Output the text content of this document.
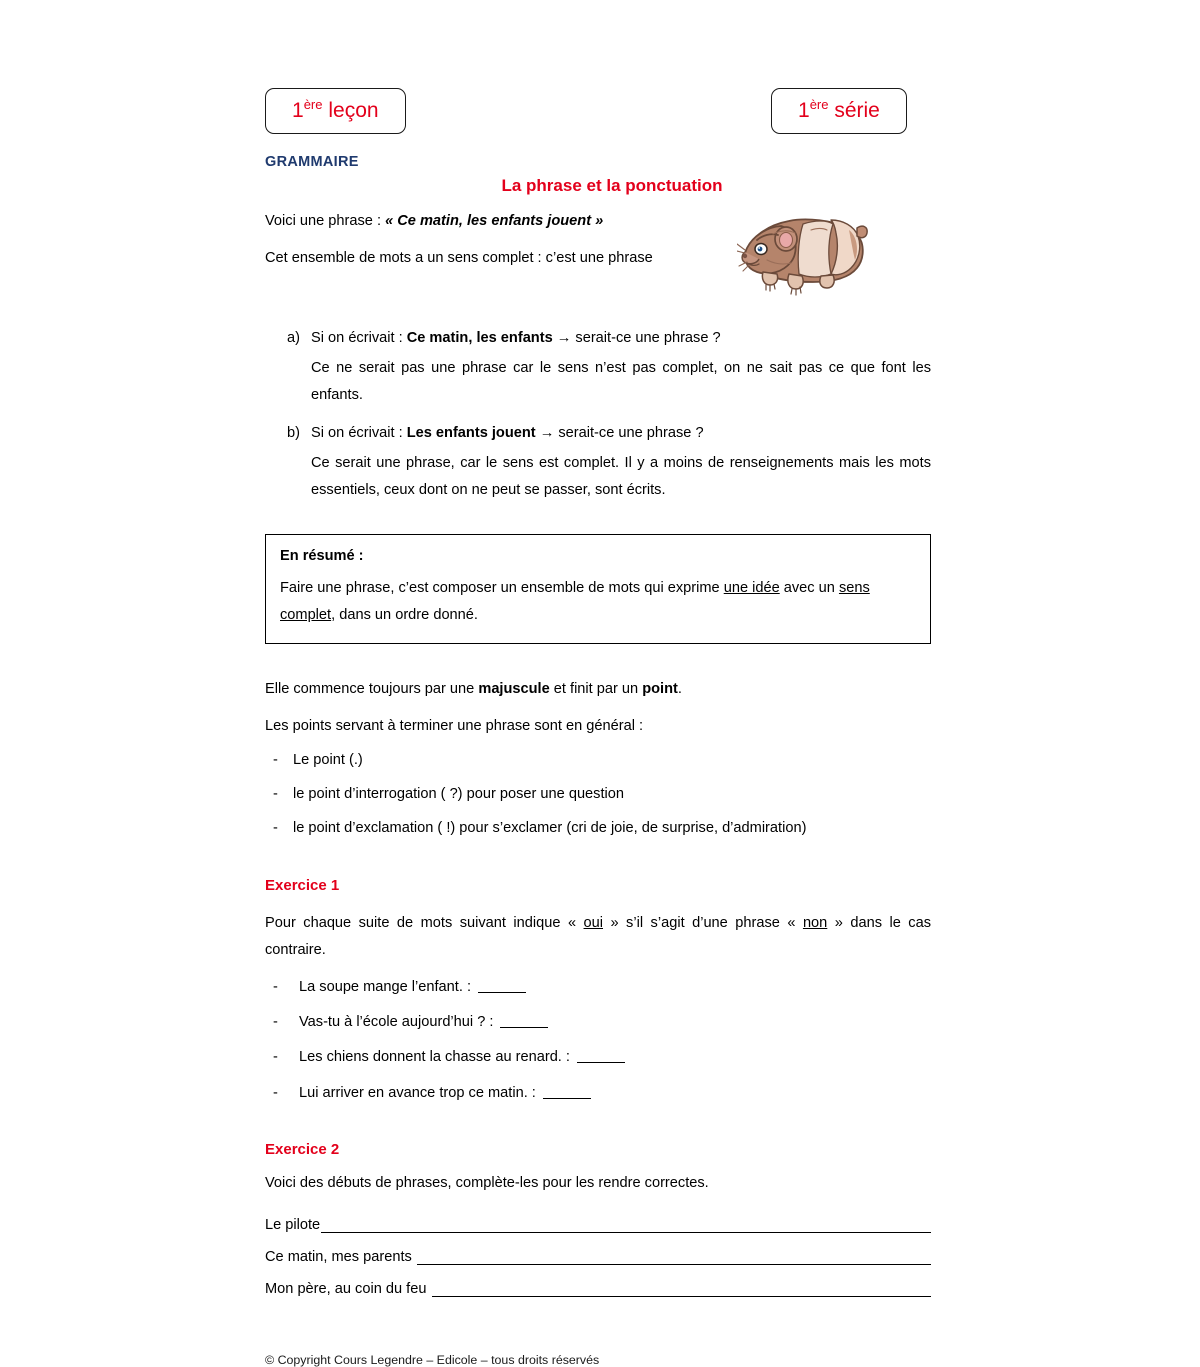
1ère leçon	1ère série
GRAMMAIRE
La phrase et la ponctuation
Voici une phrase : « Ce matin, les enfants jouent »
Cet ensemble de mots a un sens complet : c’est une phrase
a) Si on écrivait : Ce matin, les enfants → serait-ce une phrase ?
Ce ne serait pas une phrase car le sens n’est pas complet, on ne sait pas ce que font les enfants.
b) Si on écrivait : Les enfants jouent → serait-ce une phrase ?
Ce serait une phrase, car le sens est complet. Il y a moins de renseignements mais les mots essentiels, ceux dont on ne peut se passer, sont écrits.
En résumé :
Faire une phrase, c’est composer un ensemble de mots qui exprime une idée avec un sens complet, dans un ordre donné.
Elle commence toujours par une majuscule et finit par un point.
Les points servant à terminer une phrase sont en général :
- Le point (.)
- le point d’interrogation ( ?) pour poser une question
- le point d’exclamation ( !) pour s’exclamer (cri de joie, de surprise, d’admiration)
Exercice 1
Pour chaque suite de mots suivant indique « oui » s’il s’agit d’une phrase « non » dans le cas contraire.
- La soupe mange l’enfant. :
- Vas-tu à l’école aujourd’hui ? :
- Les chiens donnent la chasse au renard. :
- Lui arriver en avance trop ce matin. :
Exercice 2
Voici des débuts de phrases, complète-les pour les rendre correctes.
Le pilote
Ce matin, mes parents
Mon père, au coin du feu
© Copyright Cours Legendre – Edicole – tous droits réservés
